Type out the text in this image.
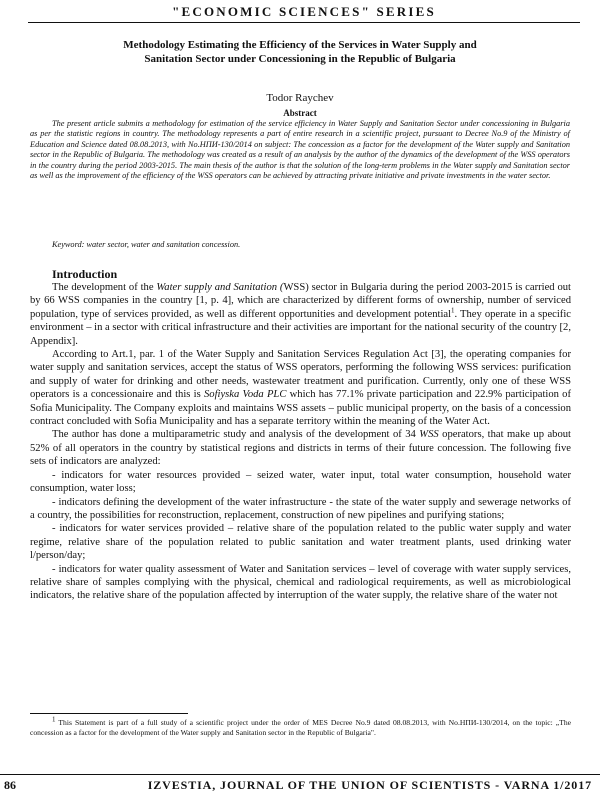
"ECONOMIC SCIENCES" SERIES
Methodology Estimating the Efficiency of the Services in Water Supply and
Sanitation Sector under Concessioning in the Republic of Bulgaria
Todor Raychev
Abstract
The present article submits a methodology for estimation of the service efficiency in Water Supply and Sanitation Sector under concessioning in Bulgaria as per the statistic regions in country. The methodology represents a part of entire research in a scientific project, pursuant to Decree No.9 of the Ministry of Education and Science dated 08.08.2013, with No.НПИ-130/2014 on subject: The concession as a factor for the development of the Water supply and Sanitation sector in the Republic of Bulgaria. The methodology was created as a result of an analysis by the author of the dynamics of the development of the WSS operators in the country during the period 2003-2015. The main thesis of the author is that the solution of the long-term problems in the Water supply and Sanitation sector as well as the improvement of the efficiency of the WSS operators can be achieved by attracting private initiative and private investments in the water sector.
Keyword: water sector, water and sanitation concession.
Introduction

The development of the Water supply and Sanitation (WSS) sector in Bulgaria during the period 2003-2015 is carried out by 66 WSS companies in the country [1, p. 4], which are characterized by different forms of ownership, number of serviced population, type of services provided, as well as different opportunities and development potential$^1$. They operate in a specific environment – in a sector with critical infrastructure and their activities are important for the national security of the country [2, Appendix].

According to Art.1, par. 1 of the Water Supply and Sanitation Services Regulation Act [3], the operating companies for water supply and sanitation services, accept the status of WSS operators, performing the following WSS services: purification and supply of water for drinking and other needs, wastewater treatment and purification. Currently, only one of these WSS operators is a concessionaire and this is Sofiyska Voda PLC which has 77.1% private participation and 22.9% participation of Sofia Municipality. The Company exploits and maintains WSS assets – public municipal property, on the basis of a concession contract concluded with Sofia Municipality and has a separate territory within the meaning of the Water Act.

The author has done a multiparametric study and analysis of the development of 34 WSS operators, that make up about 52% of all operators in the country by statistical regions and districts in terms of their future concession. The following five sets of indicators are analyzed:

- indicators for water resources provided – seized water, water input, total water consumption, household water consumption, water loss;

- indicators defining the development of the water infrastructure - the state of the water supply and sewerage networks of a country, the possibilities for reconstruction, replacement, construction of new pipelines and purifying stations;

- indicators for water services provided – relative share of the population related to the public water supply and water regime, relative share of the population related to public sanitation and water treatment plants, used drinking water l/person/day;

- indicators for water quality assessment of Water and Sanitation services – level of coverage with water supply services, relative share of samples complying with the physical, chemical and radiological requirements, as well as microbiological indicators, the relative share of the population affected by interruption of the water supply, the relative share of the water not

$^1$ This Statement is part of a full study of a scientific project under the order of MES Decree No.9 dated 08.08.2013, with No.НПИ-130/2014, on the topic: „The concession as a factor for the development of the Water supply and Sanitation sector in the Republic of Bulgaria".
86	IZVESTIA, JOURNAL OF THE UNION OF SCIENTISTS - VARNA 1/2017
